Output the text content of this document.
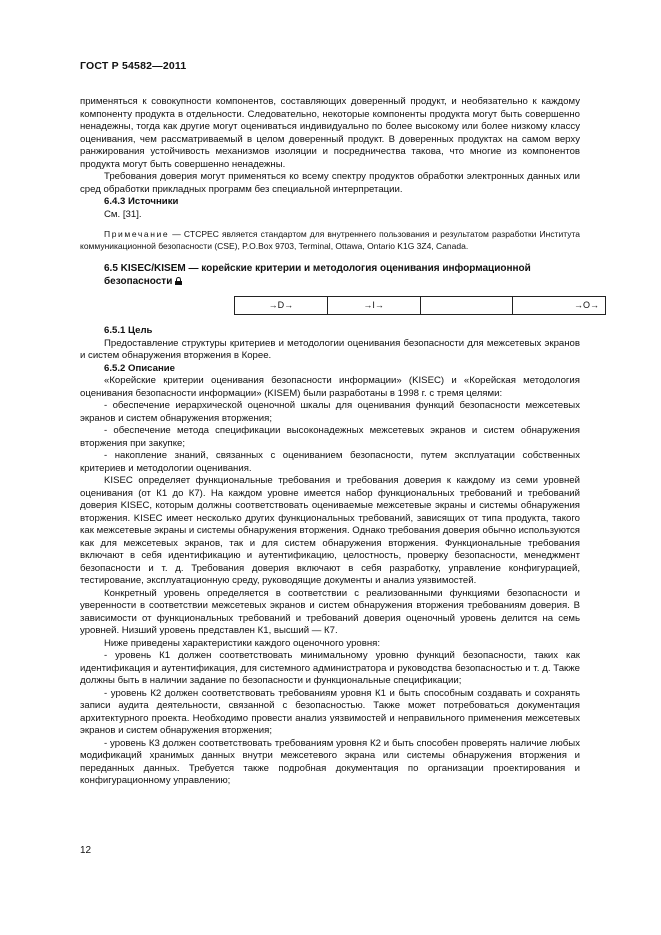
ГОСТ Р 54582—2011

применяться к совокупности компонентов, составляющих доверенный продукт, и необязательно к каждому компоненту продукта в отдельности. Следовательно, некоторые компоненты продукта могут быть совершенно ненадежны, тогда как другие могут оцениваться индивидуально по более высокому или более низкому классу оценивания, чем рассматриваемый в целом доверенный продукт. В доверенных продуктах на самом верху ранжирования устойчивость механизмов изоляции и посредничества такова, что многие из компонентов продукта могут быть совершенно ненадежны.

Требования доверия могут применяться ко всему спектру продуктов обработки электронных данных или сред обработки прикладных программ без специальной интерпретации.

6.4.3 Источники

См. [31].

Примечание — CTCPEC является стандартом для внутреннего пользования и результатом разработки Института коммуникационной безопасности (CSE), P.O.Box 9703, Terminal, Ottawa, Ontario K1G 3Z4, Canada.

6.5 KISEC/KISEM — корейские критерии и методология оценивания информационной безопасности

→D→	→I→		→O→

6.5.1 Цель

Предоставление структуры критериев и методологии оценивания безопасности для межсетевых экранов и систем обнаружения вторжения в Корее.

6.5.2 Описание

«Корейские критерии оценивания безопасности информации» (KISEC) и «Корейская методология оценивания безопасности информации» (KISEM) были разработаны в 1998 г. с тремя целями:

- обеспечение иерархической оценочной шкалы для оценивания функций безопасности межсетевых экранов и систем обнаружения вторжения;

- обеспечение метода спецификации высоконадежных межсетевых экранов и систем обнаружения вторжения при закупке;

- накопление знаний, связанных с оцениванием безопасности, путем эксплуатации собственных критериев и методологии оценивания.

KISEC определяет функциональные требования и требования доверия к каждому из семи уровней оценивания (от К1 до К7). На каждом уровне имеется набор функциональных требований и требований доверия KISEC, которым должны соответствовать оцениваемые межсетевые экраны и системы обнаружения вторжения. KISEC имеет несколько других функциональных требований, зависящих от типа продукта, такого как межсетевые экраны и системы обнаружения вторжения. Однако требования доверия обычно используются как для межсетевых экранов, так и для систем обнаружения вторжения. Функциональные требования включают в себя идентификацию и аутентификацию, целостность, проверку безопасности, менеджмент безопасности и т. д. Требования доверия включают в себя разработку, управление конфигурацией, тестирование, эксплуатационную среду, руководящие документы и анализ уязвимостей.

Конкретный уровень определяется в соответствии с реализованными функциями безопасности и уверенности в соответствии межсетевых экранов и систем обнаружения вторжения требованиям доверия. В зависимости от функциональных требований и требований доверия оценочный уровень делится на семь уровней. Низший уровень представлен К1, высший — К7.

Ниже приведены характеристики каждого оценочного уровня:

- уровень К1 должен соответствовать минимальному уровню функций безопасности, таких как идентификация и аутентификация, для системного администратора и руководства безопасностью и т. д. Также должны быть в наличии задание по безопасности и функциональные спецификации;

- уровень К2 должен соответствовать требованиям уровня К1 и быть способным создавать и сохранять записи аудита деятельности, связанной с безопасностью. Также может потребоваться документация архитектурного проекта. Необходимо провести анализ уязвимостей и неправильного применения межсетевых экранов и систем обнаружения вторжения;

- уровень К3 должен соответствовать требованиям уровня К2 и быть способен проверять наличие любых модификаций хранимых данных внутри межсетевого экрана или системы обнаружения вторжения и переданных данных. Требуется также подробная документация по организации проектирования и конфигурационному управлению;

12
